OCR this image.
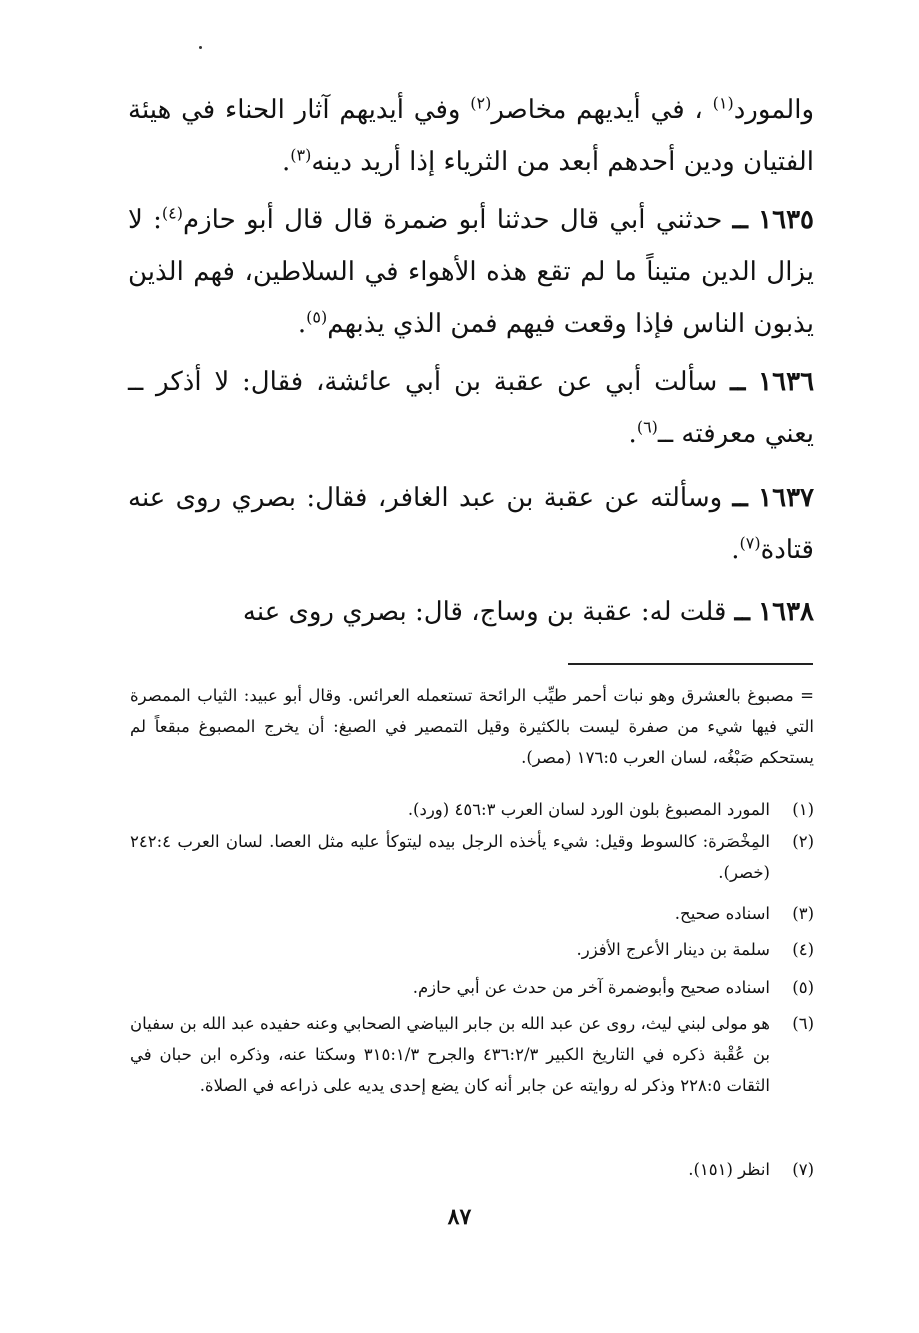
والمورد$^{(١)}$ ، في أيديهم مخاصر$^{(٢)}$ وفي أيديهم آثار الحناء في هيئة الفتيان ودين أحدهم أبعد من الثرياء إذا أريد دينه$^{(٣)}$.

١٦٣٥ ــ حدثني أبي قال حدثنا أبو ضمرة قال قال أبو حازم$^{(٤)}$: لا يزال الدين متيناً ما لم تقع هذه الأهواء في السلاطين، فهم الذين يذبون الناس فإذا وقعت فيهم فمن الذي يذبهم$^{(٥)}$.

١٦٣٦ ــ سألت أبي عن عقبة بن أبي عائشة، فقال: لا أذكر ــ يعني معرفته ــ$^{(٦)}$.

١٦٣٧ ــ وسألته عن عقبة بن عبد الغافر، فقال: بصري روى عنه قتادة$^{(٧)}$.

١٦٣٨ ــ قلت له: عقبة بن وساج، قال: بصري روى عنه

= مصبوغ بالعشرق وهو نبات أحمر طيِّب الرائحة تستعمله العرائس. وقال أبو عبيد: الثياب الممصرة التي فيها شيء من صفرة ليست بالكثيرة وقيل التمصير في الصبغ: أن يخرج المصبوغ مبقعاً لم يستحكم صَبْغُه، لسان العرب ١٧٦:٥ (مصر).

(١)
المورد المصبوغ بلون الورد لسان العرب ٤٥٦:٣ (ورد).

(٢)
المِخْصَرة: كالسوط وقيل: شيء يأخذه الرجل بيده ليتوكأ عليه مثل العصا. لسان العرب ٢٤٢:٤ (خصر).

(٣)
اسناده صحيح.

(٤)
سلمة بن دينار الأعرج الأفزر.

(٥)
اسناده صحيح وأبوضمرة آخر من حدث عن أبي حازم.

(٦)
هو مولى لبني ليث، روى عن عبد الله بن جابر البياضي الصحابي وعنه حفيده عبد الله بن سفيان بن عُقْبة ذكره في التاريخ الكبير ٤٣٦:٢/٣ والجرح ٣١٥:١/٣ وسكتا عنه، وذكره ابن حبان في الثقات ٢٢٨:٥ وذكر له روايته عن جابر أنه كان يضع إحدى يديه على ذراعه في الصلاة.

(٧)
انظر (١٥١).

٨٧
